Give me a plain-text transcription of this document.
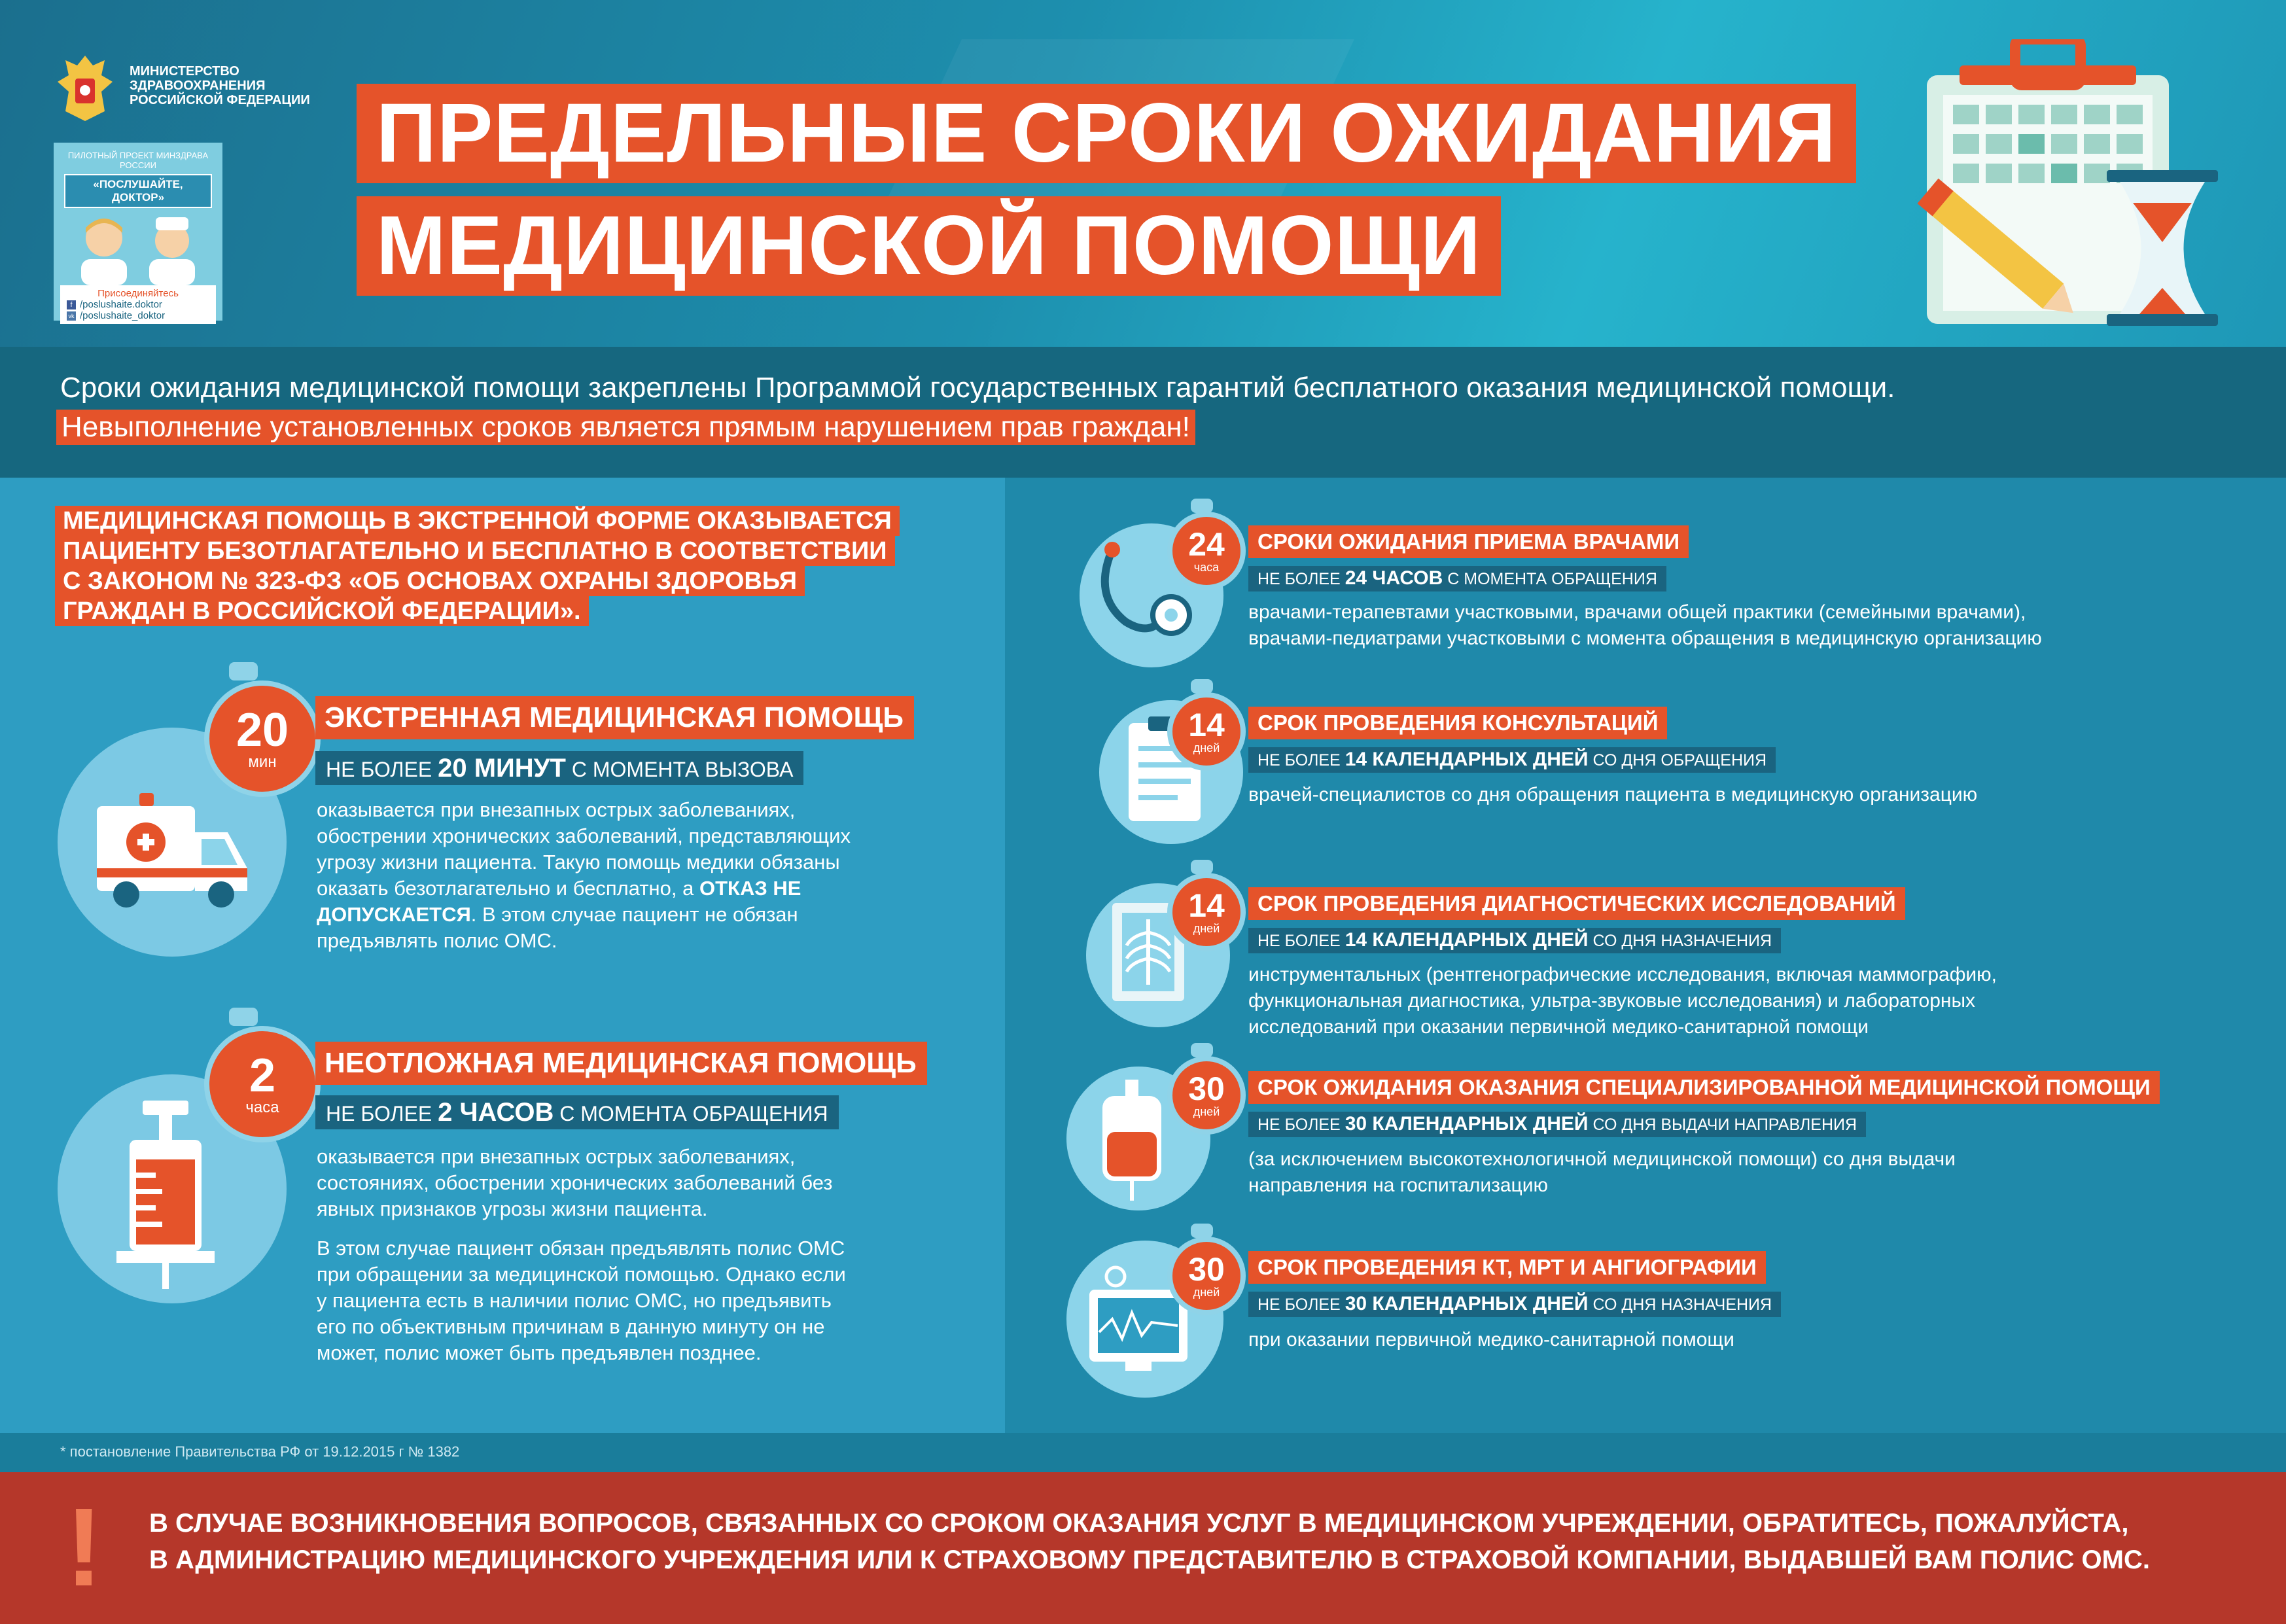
МИНИСТЕРСТВО
ЗДРАВООХРАНЕНИЯ
РОССИЙСКОЙ ФЕДЕРАЦИИ
ПИЛОТНЫЙ ПРОЕКТ МИНЗДРАВА РОССИИ
«ПОСЛУШАЙТЕ, ДОКТОР»
Присоединяйтесь
f /poslushaite.doktor
vk /poslushaite_doktor
ПРЕДЕЛЬНЫЕ СРОКИ ОЖИДАНИЯ
МЕДИЦИНСКОЙ ПОМОЩИ
Сроки ожидания медицинской помощи закреплены Программой государственных гарантий бесплатного оказания медицинской помощи.
Невыполнение установленных сроков является прямым нарушением прав граждан!
МЕДИЦИНСКАЯ ПОМОЩЬ В ЭКСТРЕННОЙ ФОРМЕ ОКАЗЫВАЕТСЯ
ПАЦИЕНТУ БЕЗОТЛАГАТЕЛЬНО И БЕСПЛАТНО В СООТВЕТСТВИИ
С ЗАКОНОМ № 323-ФЗ «ОБ ОСНОВАХ ОХРАНЫ ЗДОРОВЬЯ
ГРАЖДАН В РОССИЙСКОЙ ФЕДЕРАЦИИ».
20
мин
ЭКСТРЕННАЯ МЕДИЦИНСКАЯ ПОМОЩЬ
НЕ БОЛЕЕ 20 МИНУТ С МОМЕНТА ВЫЗОВА
оказывается при внезапных острых заболеваниях,
обострении хронических заболеваний, представляющих
угрозу жизни пациента. Такую помощь медики обязаны
оказать безотлагательно и бесплатно, а ОТКАЗ НЕ
ДОПУСКАЕТСЯ. В этом случае пациент не обязан
предъявлять полис ОМС.
2
часа
НЕОТЛОЖНАЯ МЕДИЦИНСКАЯ ПОМОЩЬ
НЕ БОЛЕЕ 2 ЧАСОВ С МОМЕНТА ОБРАЩЕНИЯ
оказывается при внезапных острых заболеваниях,
состояниях, обострении хронических заболеваний без
явных признаков угрозы жизни пациента.
В этом случае пациент обязан предъявлять полис ОМС
при обращении за медицинской помощью. Однако если
у пациента есть в наличии полис ОМС, но предъявить
его по объективным причинам в данную минуту он не
может, полис может быть предъявлен позднее.
24
часа
СРОКИ ОЖИДАНИЯ ПРИЕМА ВРАЧАМИ
НЕ БОЛЕЕ 24 ЧАСОВ С МОМЕНТА ОБРАЩЕНИЯ
врачами-терапевтами участковыми, врачами общей практики (семейными врачами),
врачами-педиатрами участковыми с момента обращения в медицинскую организацию
14
дней
СРОК ПРОВЕДЕНИЯ КОНСУЛЬТАЦИЙ
НЕ БОЛЕЕ 14 КАЛЕНДАРНЫХ ДНЕЙ СО ДНЯ ОБРАЩЕНИЯ
врачей-специалистов со дня обращения пациента в медицинскую организацию
14
дней
СРОК ПРОВЕДЕНИЯ ДИАГНОСТИЧЕСКИХ ИССЛЕДОВАНИЙ
НЕ БОЛЕЕ 14 КАЛЕНДАРНЫХ ДНЕЙ СО ДНЯ НАЗНАЧЕНИЯ
инструментальных (рентгенографические исследования, включая маммографию,
функциональная диагностика, ультра-звуковые исследования) и лабораторных
исследований при оказании первичной медико-санитарной помощи
30
дней
СРОК ОЖИДАНИЯ ОКАЗАНИЯ СПЕЦИАЛИЗИРОВАННОЙ МЕДИЦИНСКОЙ ПОМОЩИ
НЕ БОЛЕЕ 30 КАЛЕНДАРНЫХ ДНЕЙ СО ДНЯ ВЫДАЧИ НАПРАВЛЕНИЯ
(за исключением высокотехнологичной медицинской помощи) со дня выдачи
направления на госпитализацию
30
дней
СРОК ПРОВЕДЕНИЯ КТ, МРТ И АНГИОГРАФИИ
НЕ БОЛЕЕ 30 КАЛЕНДАРНЫХ ДНЕЙ СО ДНЯ НАЗНАЧЕНИЯ
при оказании первичной медико-санитарной помощи
* постановление Правительства РФ от 19.12.2015 г № 1382
! В СЛУЧАЕ ВОЗНИКНОВЕНИЯ ВОПРОСОВ, СВЯЗАННЫХ СО СРОКОМ ОКАЗАНИЯ УСЛУГ В МЕДИЦИНСКОМ УЧРЕЖДЕНИИ, ОБРАТИТЕСЬ, ПОЖАЛУЙСТА,
В АДМИНИСТРАЦИЮ МЕДИЦИНСКОГО УЧРЕЖДЕНИЯ ИЛИ К СТРАХОВОМУ ПРЕДСТАВИТЕЛЮ В СТРАХОВОЙ КОМПАНИИ, ВЫДАВШЕЙ ВАМ ПОЛИС ОМС.
